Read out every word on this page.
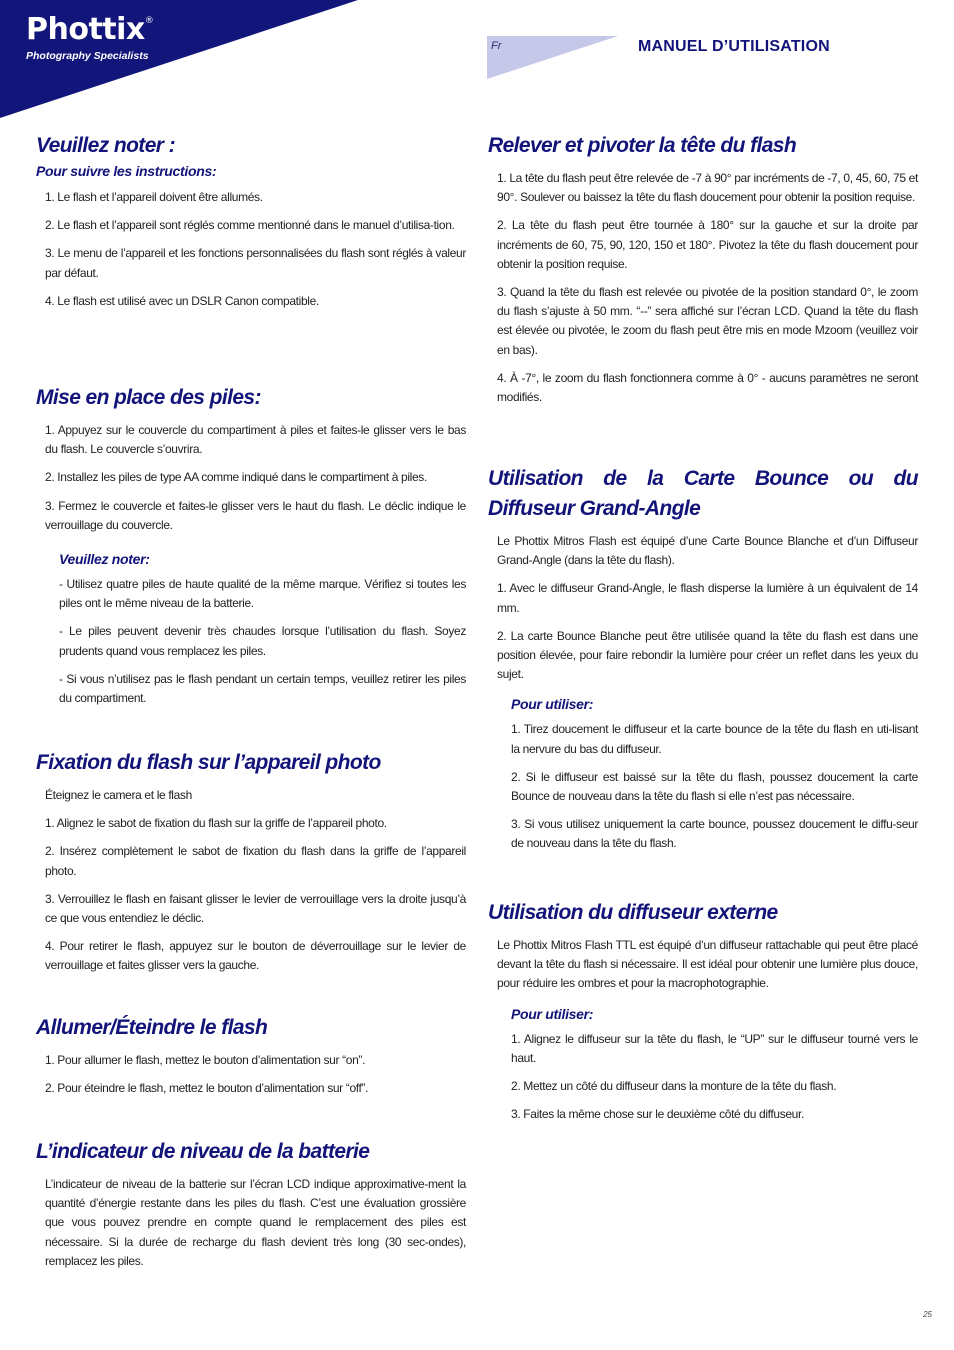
Phottix®
Photography Specialists
Fr	MANUEL D’UTILISATION
Veuillez noter :
Pour suivre les instructions:

1. Le flash et l’appareil doivent être allumés.

2. Le flash et l’appareil sont réglés comme mentionné dans le manuel d’utilisa-tion.

3. Le menu de l’appareil et les fonctions personnalisées du flash sont réglés à valeur par défaut.

4. Le flash est utilisé avec un DSLR Canon compatible.

Mise en place des piles:

1. Appuyez sur le couvercle du compartiment à piles et faites-le glisser vers le bas du flash. Le couvercle s’ouvrira.

2. Installez les piles de type AA comme indiqué dans le compartiment à piles.

3. Fermez le couvercle et faites-le glisser vers le haut du flash. Le déclic indique le verrouillage du couvercle.

Veuillez noter:

- Utilisez quatre piles de haute qualité de la même marque. Vérifiez si toutes les piles ont le même niveau de la batterie.

- Le piles peuvent devenir très chaudes lorsque l’utilisation du flash. Soyez prudents quand vous remplacez les piles.

- Si vous n’utilisez pas le flash pendant un certain temps, veuillez retirer les piles du compartiment.

Fixation du flash sur l’appareil photo

Éteignez le camera et le flash

1. Alignez le sabot de fixation du flash sur la griffe de l’appareil photo.

2. Insérez complètement le sabot de fixation du flash dans la griffe de l’appareil photo.

3. Verrouillez le flash en faisant glisser le levier de verrouillage vers la droite jusqu’à ce que vous entendiez le déclic.

4. Pour retirer le flash, appuyez sur le bouton de déverrouillage sur le levier de verrouillage et faites glisser vers la gauche.

Allumer/Éteindre le flash

1. Pour allumer le flash, mettez le bouton d’alimentation sur “on”.

2. Pour éteindre le flash, mettez le bouton d’alimentation sur “off”.

L’indicateur de niveau de la batterie

L’indicateur de niveau de la batterie sur l’écran LCD indique approximative-ment la quantité d’énergie restante dans les piles du flash. C’est une évaluation grossière que vous pouvez prendre en compte quand le remplacement des piles est nécessaire. Si la durée de recharge du flash devient très long (30 sec-ondes), remplacez les piles.

Relever et pivoter la tête du flash

1. La tête du flash peut être relevée de -7 à 90° par incréments de -7, 0, 45, 60, 75 et 90°. Soulever ou baissez la tête du flash doucement pour obtenir la position requise.

2. La tête du flash peut être tournée à 180° sur la gauche et sur la droite par incréments de 60, 75, 90, 120, 150 et 180°. Pivotez la tête du flash doucement pour obtenir la position requise.

3. Quand la tête du flash est relevée ou pivotée de la position standard 0°, le zoom du flash s’ajuste à 50 mm. “--” sera affiché sur l’écran LCD. Quand la tête du flash est élevée ou pivotée, le zoom du flash peut être mis en mode Mzoom (veuillez voir en bas).

4. À -7°, le zoom du flash fonctionnera comme à 0° - aucuns paramètres ne seront modifiés.

Utilisation de la Carte Bounce ou du Diffuseur Grand-Angle

Le Phottix Mitros Flash est équipé d’une Carte Bounce Blanche et d’un Diffuseur Grand-Angle (dans la tête du flash).

1. Avec le diffuseur Grand-Angle, le flash disperse la lumière à un équivalent de 14 mm.

2. La carte Bounce Blanche peut être utilisée quand la tête du flash est dans une position élevée, pour faire rebondir la lumière pour créer un reflet dans les yeux du sujet.

Pour utiliser:

1. Tirez doucement le diffuseur et la carte bounce de la tête du flash en uti-lisant la nervure du bas du diffuseur.

2. Si le diffuseur est baissé sur la tête du flash, poussez doucement la carte Bounce de nouveau dans la tête du flash si elle n’est pas nécessaire.

3. Si vous utilisez uniquement la carte bounce, poussez doucement le diffu-seur de nouveau dans la tête du flash.

Utilisation du diffuseur externe

Le Phottix Mitros Flash TTL est équipé d’un diffuseur rattachable qui peut être placé devant la tête du flash si nécessaire. Il est idéal pour obtenir une lumière plus douce, pour réduire les ombres et pour la macrophotographie.

Pour utiliser:

1. Alignez le diffuseur sur la tête du flash, le “UP” sur le diffuseur tourné vers le haut.

2. Mettez un côté du diffuseur dans la monture de la tête du flash.

3. Faites la même chose sur le deuxième côté du diffuseur.

25
